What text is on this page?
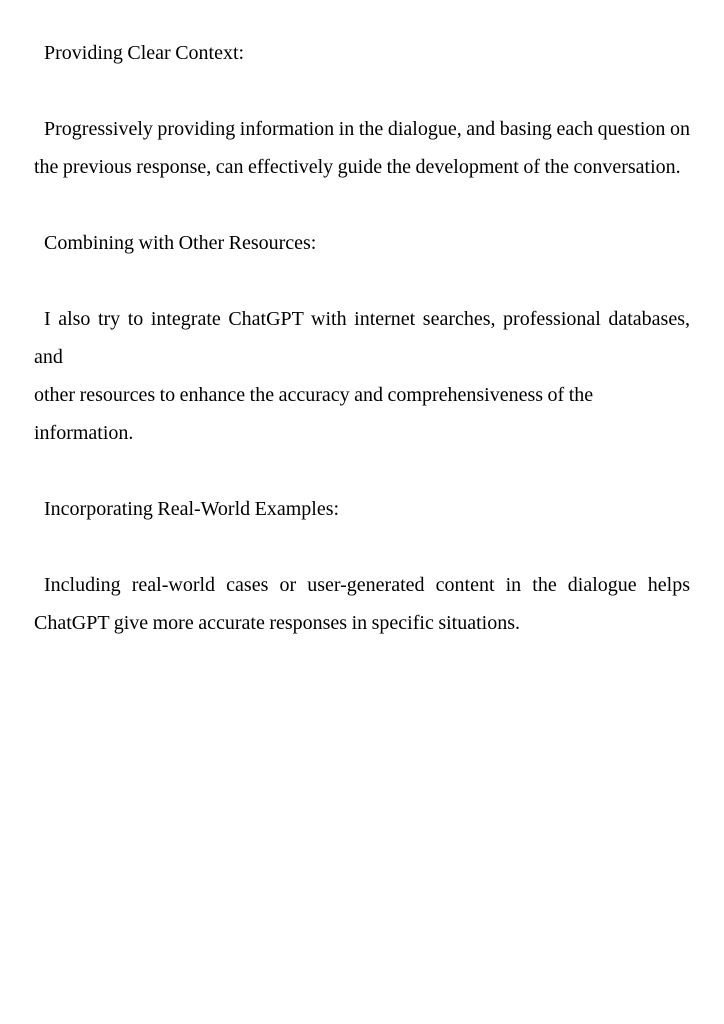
Providing Clear Context:
Progressively providing information in the dialogue, and basing each question on
the previous response, can effectively guide the development of the conversation.
Combining with Other Resources:
I also try to integrate ChatGPT with internet searches, professional databases, and
other resources to enhance the accuracy and comprehensiveness of the information.
Incorporating Real-World Examples:
Including real-world cases or user-generated content in the dialogue helps
ChatGPT give more accurate responses in specific situations.
